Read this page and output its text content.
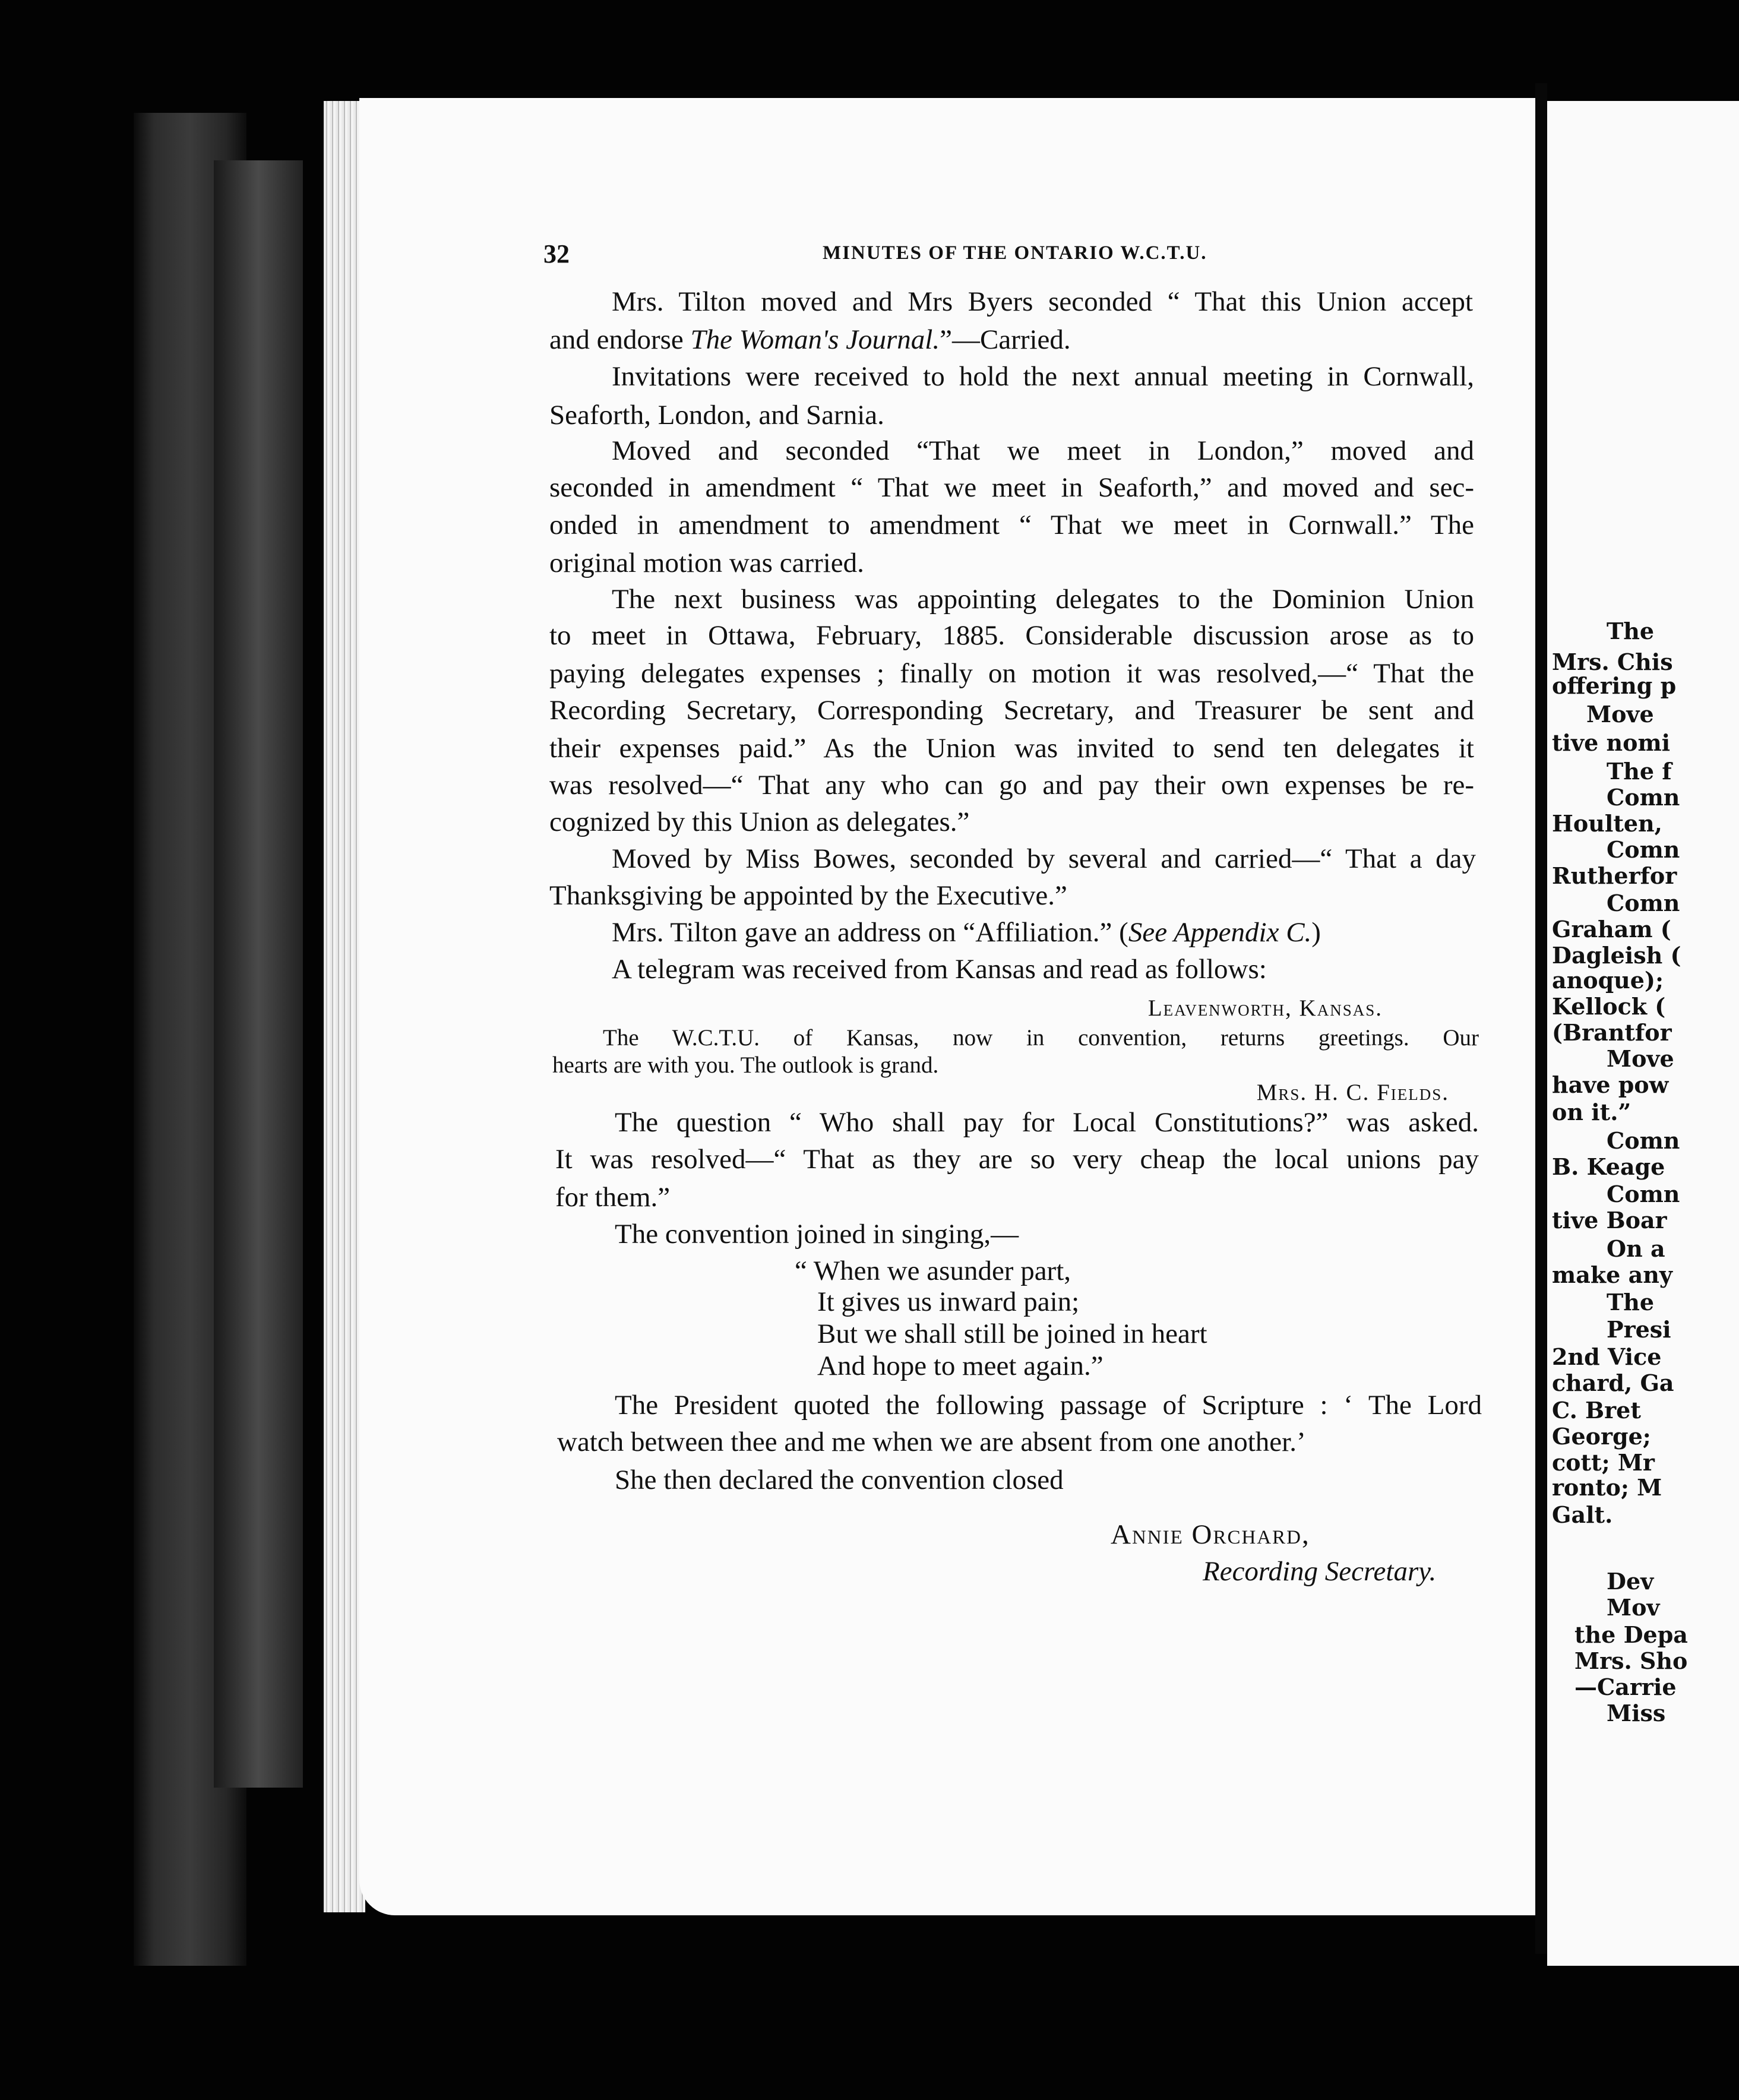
32	MINUTES OF THE ONTARIO W.C.T.U.
Mrs. Tilton moved and Mrs Byers seconded “ That this Union accept
and endorse The Woman's Journal.”—Carried.
Invitations were received to hold the next annual meeting in Cornwall,
Seaforth, London, and Sarnia.
Moved and seconded “That we meet in London,” moved and
seconded in amendment “ That we meet in Seaforth,” and moved and sec-
onded in amendment to amendment “ That we meet in Cornwall.” The
original motion was carried.
The next business was appointing delegates to the Dominion Union
to meet in Ottawa, February, 1885. Considerable discussion arose as to
paying delegates expenses ; finally on motion it was resolved,—“ That the
Recording Secretary, Corresponding Secretary, and Treasurer be sent and
their expenses paid.” As the Union was invited to send ten delegates it
was resolved—“ That any who can go and pay their own expenses be re-
cognized by this Union as delegates.”
Moved by Miss Bowes, seconded by several and carried—“ That a day
Thanksgiving be appointed by the Executive.”
Mrs. Tilton gave an address on “Affiliation.” (See Appendix C.)
A telegram was received from Kansas and read as follows:
Leavenworth, Kansas.
The W.C.T.U. of Kansas, now in convention, returns greetings. Our
hearts are with you. The outlook is grand.
Mrs. H. C. Fields.
The question “ Who shall pay for Local Constitutions?” was asked.
It was resolved—“ That as they are so very cheap the local unions pay
for them.”
The convention joined in singing,—
“ When we asunder part,
It gives us inward pain;
But we shall still be joined in heart
And hope to meet again.”
The President quoted the following passage of Scripture : ‘ The Lord
watch between thee and me when we are absent from one another.’
She then declared the convention closed
Annie Orchard,
Recording Secretary.
The
Mrs. Chis
offering p
Move
tive nomi
The f
Comn
Houlten,
Comn
Rutherfor
Comn
Graham (
Dagleish (
anoque);
Kellock (
(Brantfor
Move
have pow
on it.”
Comn
B. Keage
Comn
tive Boar
On a
make any
The
Presi
2nd Vice
chard, Ga
C. Bret
George;
cott; Mr
ronto; M
Galt.
Dev
Mov
the Depa
Mrs. Sho
—Carrie
Miss
